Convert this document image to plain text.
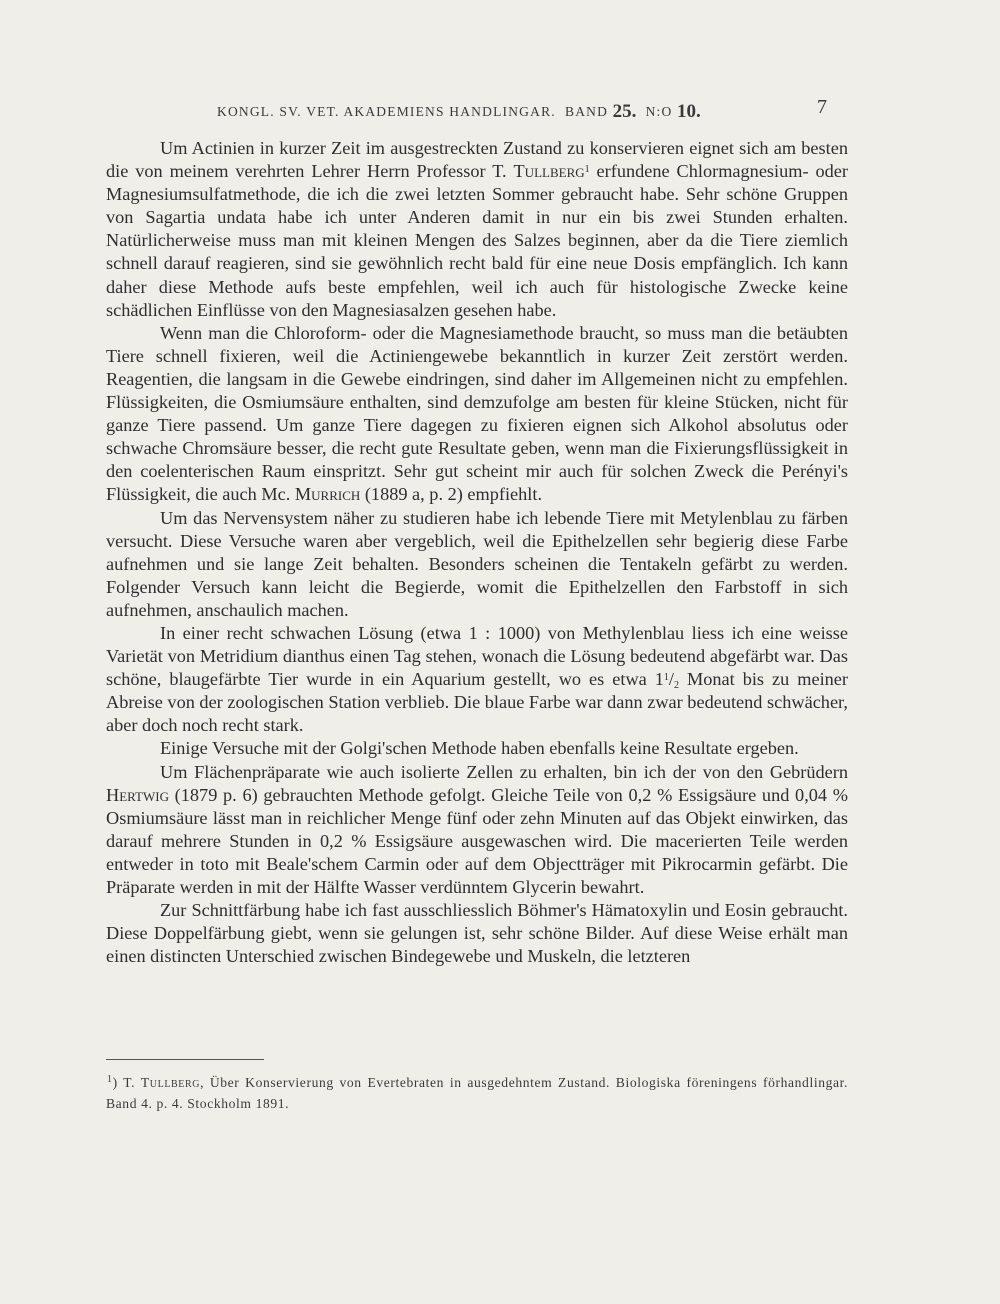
KONGL. SV. VET. AKADEMIENS HANDLINGAR. BAND 25. N:O 10.	7

Um Actinien in kurzer Zeit im ausgestreckten Zustand zu konservieren eignet sich am besten die von meinem verehrten Lehrer Herrn Professor T. Tullberg$^1$ erfundene Chlormagnesium- oder Magnesiumsulfatmethode, die ich die zwei letzten Sommer gebraucht habe. Sehr schöne Gruppen von Sagartia undata habe ich unter Anderen damit in nur ein bis zwei Stunden erhalten. Natürlicherweise muss man mit kleinen Mengen des Salzes beginnen, aber da die Tiere ziemlich schnell darauf reagieren, sind sie gewöhnlich recht bald für eine neue Dosis empfänglich. Ich kann daher diese Methode aufs beste empfehlen, weil ich auch für histologische Zwecke keine schädlichen Einflüsse von den Magnesiasalzen gesehen habe.

Wenn man die Chloroform- oder die Magnesiamethode braucht, so muss man die betäubten Tiere schnell fixieren, weil die Actiniengewebe bekanntlich in kurzer Zeit zerstört werden. Reagentien, die langsam in die Gewebe eindringen, sind daher im Allgemeinen nicht zu empfehlen. Flüssigkeiten, die Osmiumsäure enthalten, sind demzufolge am besten für kleine Stücken, nicht für ganze Tiere passend. Um ganze Tiere dagegen zu fixieren eignen sich Alkohol absolutus oder schwache Chromsäure besser, die recht gute Resultate geben, wenn man die Fixierungsflüssigkeit in den coelenterischen Raum einspritzt. Sehr gut scheint mir auch für solchen Zweck die Perényi's Flüssigkeit, die auch Mc. Murrich (1889 a, p. 2) empfiehlt.

Um das Nervensystem näher zu studieren habe ich lebende Tiere mit Metylenblau zu färben versucht. Diese Versuche waren aber vergeblich, weil die Epithelzellen sehr begierig diese Farbe aufnehmen und sie lange Zeit behalten. Besonders scheinen die Tentakeln gefärbt zu werden. Folgender Versuch kann leicht die Begierde, womit die Epithelzellen den Farbstoff in sich aufnehmen, anschaulich machen.

In einer recht schwachen Lösung (etwa 1 : 1000) von Methylenblau liess ich eine weisse Varietät von Metridium dianthus einen Tag stehen, wonach die Lösung bedeutend abgefärbt war. Das schöne, blaugefärbte Tier wurde in ein Aquarium gestellt, wo es etwa $1^1/_2$ Monat bis zu meiner Abreise von der zoologischen Station verblieb. Die blaue Farbe war dann zwar bedeutend schwächer, aber doch noch recht stark.

Einige Versuche mit der Golgi'schen Methode haben ebenfalls keine Resultate ergeben.

Um Flächenpräparate wie auch isolierte Zellen zu erhalten, bin ich der von den Gebrüdern Hertwig (1879 p. 6) gebrauchten Methode gefolgt. Gleiche Teile von 0,2 % Essigsäure und 0,04 % Osmiumsäure lässt man in reichlicher Menge fünf oder zehn Minuten auf das Objekt einwirken, das darauf mehrere Stunden in 0,2 % Essigsäure ausgewaschen wird. Die macerierten Teile werden entweder in toto mit Beale'schem Carmin oder auf dem Objectträger mit Pikrocarmin gefärbt. Die Präparate werden in mit der Hälfte Wasser verdünntem Glycerin bewahrt.

Zur Schnittfärbung habe ich fast ausschliesslich Böhmer's Hämatoxylin und Eosin gebraucht. Diese Doppelfärbung giebt, wenn sie gelungen ist, sehr schöne Bilder. Auf diese Weise erhält man einen distincten Unterschied zwischen Bindegewebe und Muskeln, die letzteren

$^1$) T. Tullberg, Über Konservierung von Evertebraten in ausgedehntem Zustand. Biologiska föreningens förhandlingar. Band 4. p. 4. Stockholm 1891.
